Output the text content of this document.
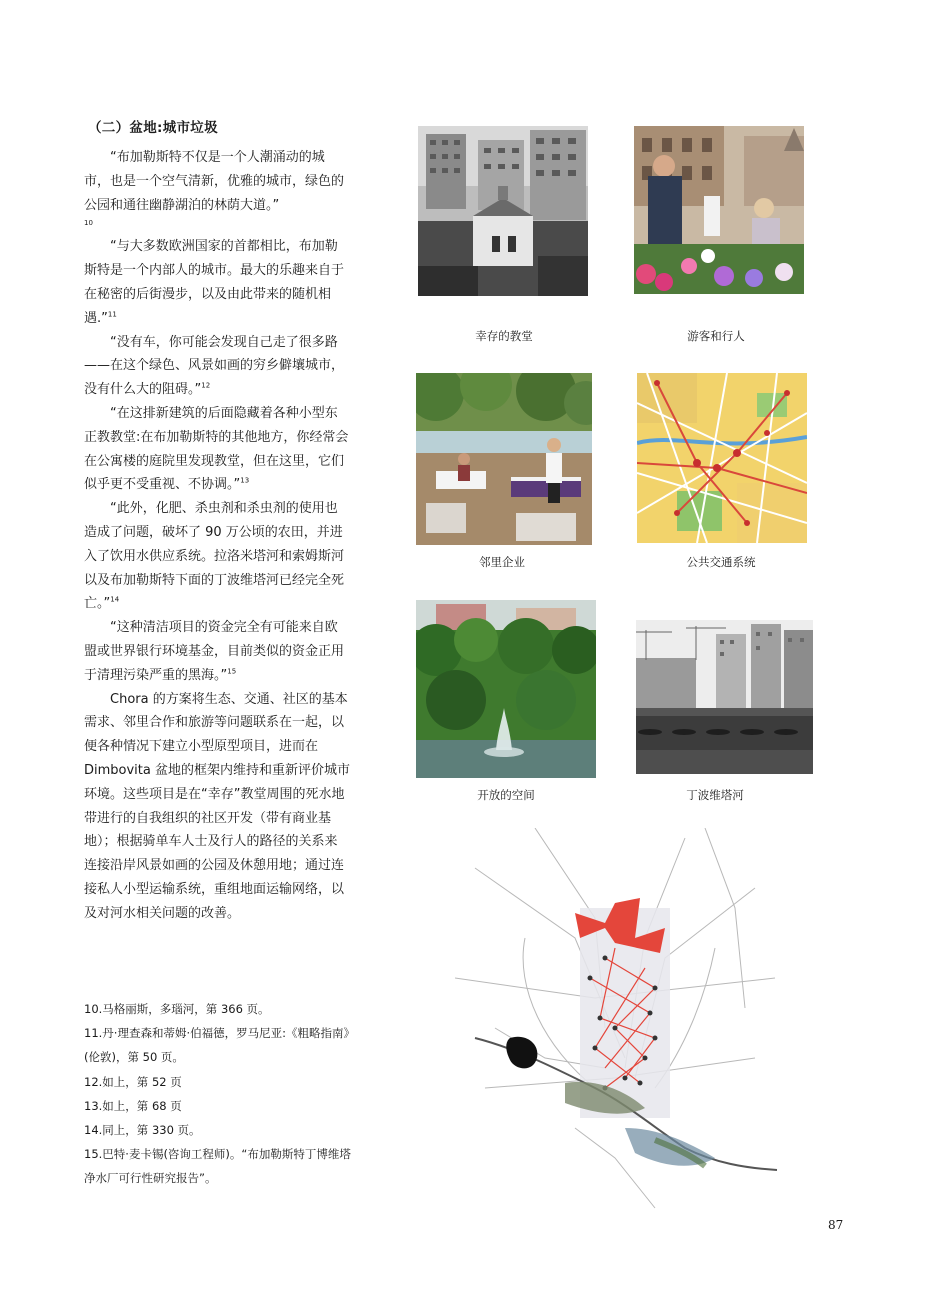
（二）盆地:城市垃圾

“布加勒斯特不仅是一个人潮涌动的城市，也是一个空气清新，优雅的城市，绿色的公园和通往幽静湖泊的林荫大道。”

10

“与大多数欧洲国家的首都相比，布加勒斯特是一个内部人的城市。最大的乐趣来自于在秘密的后街漫步，以及由此带来的随机相遇.”$^{11}$

“没有车，你可能会发现自己走了很多路——在这个绿色、风景如画的穷乡僻壤城市，没有什么大的阻碍。”$^{12}$

“在这排新建筑的后面隐藏着各种小型东正教教堂:在布加勒斯特的其他地方，你经常会在公寓楼的庭院里发现教堂，但在这里，它们似乎更不受重视、不协调。”$^{13}$

“此外，化肥、杀虫剂和杀虫剂的使用也造成了问题，破坏了 90 万公顷的农田，并进入了饮用水供应系统。拉洛米塔河和索姆斯河以及布加勒斯特下面的丁波维塔河已经完全死亡。”$^{14}$

“这种清洁项目的资金完全有可能来自欧盟或世界银行环境基金，目前类似的资金正用于清理污染严重的黑海。”$^{15}$

Chora 的方案将生态、交通、社区的基本需求、邻里合作和旅游等问题联系在一起，以便各种情况下建立小型原型项目，进而在 Dimbovita 盆地的框架内维持和重新评价城市环境。这些项目是在“幸存”教堂周围的死水地带进行的自我组织的社区开发（带有商业基地）；根据骑单车人士及行人的路径的关系来连接沿岸风景如画的公园及休憩用地；通过连接私人小型运输系统，重组地面运输网络，以及对河水相关问题的改善。

10.马格丽斯，多瑙河，第 366 页。
11.丹·理查森和蒂姆·伯福德，罗马尼亚:《粗略指南》(伦敦)，第 50 页。
12.如上，第 52 页
13.如上，第 68 页
14.同上，第 330 页。
15.巴特·麦卡锡(咨询工程师)。“布加勒斯特丁博维塔净水厂可行性研究报告”。
幸存的教堂	游客和行人
邻里企业	公共交通系统
开放的空间	丁波维塔河
87
